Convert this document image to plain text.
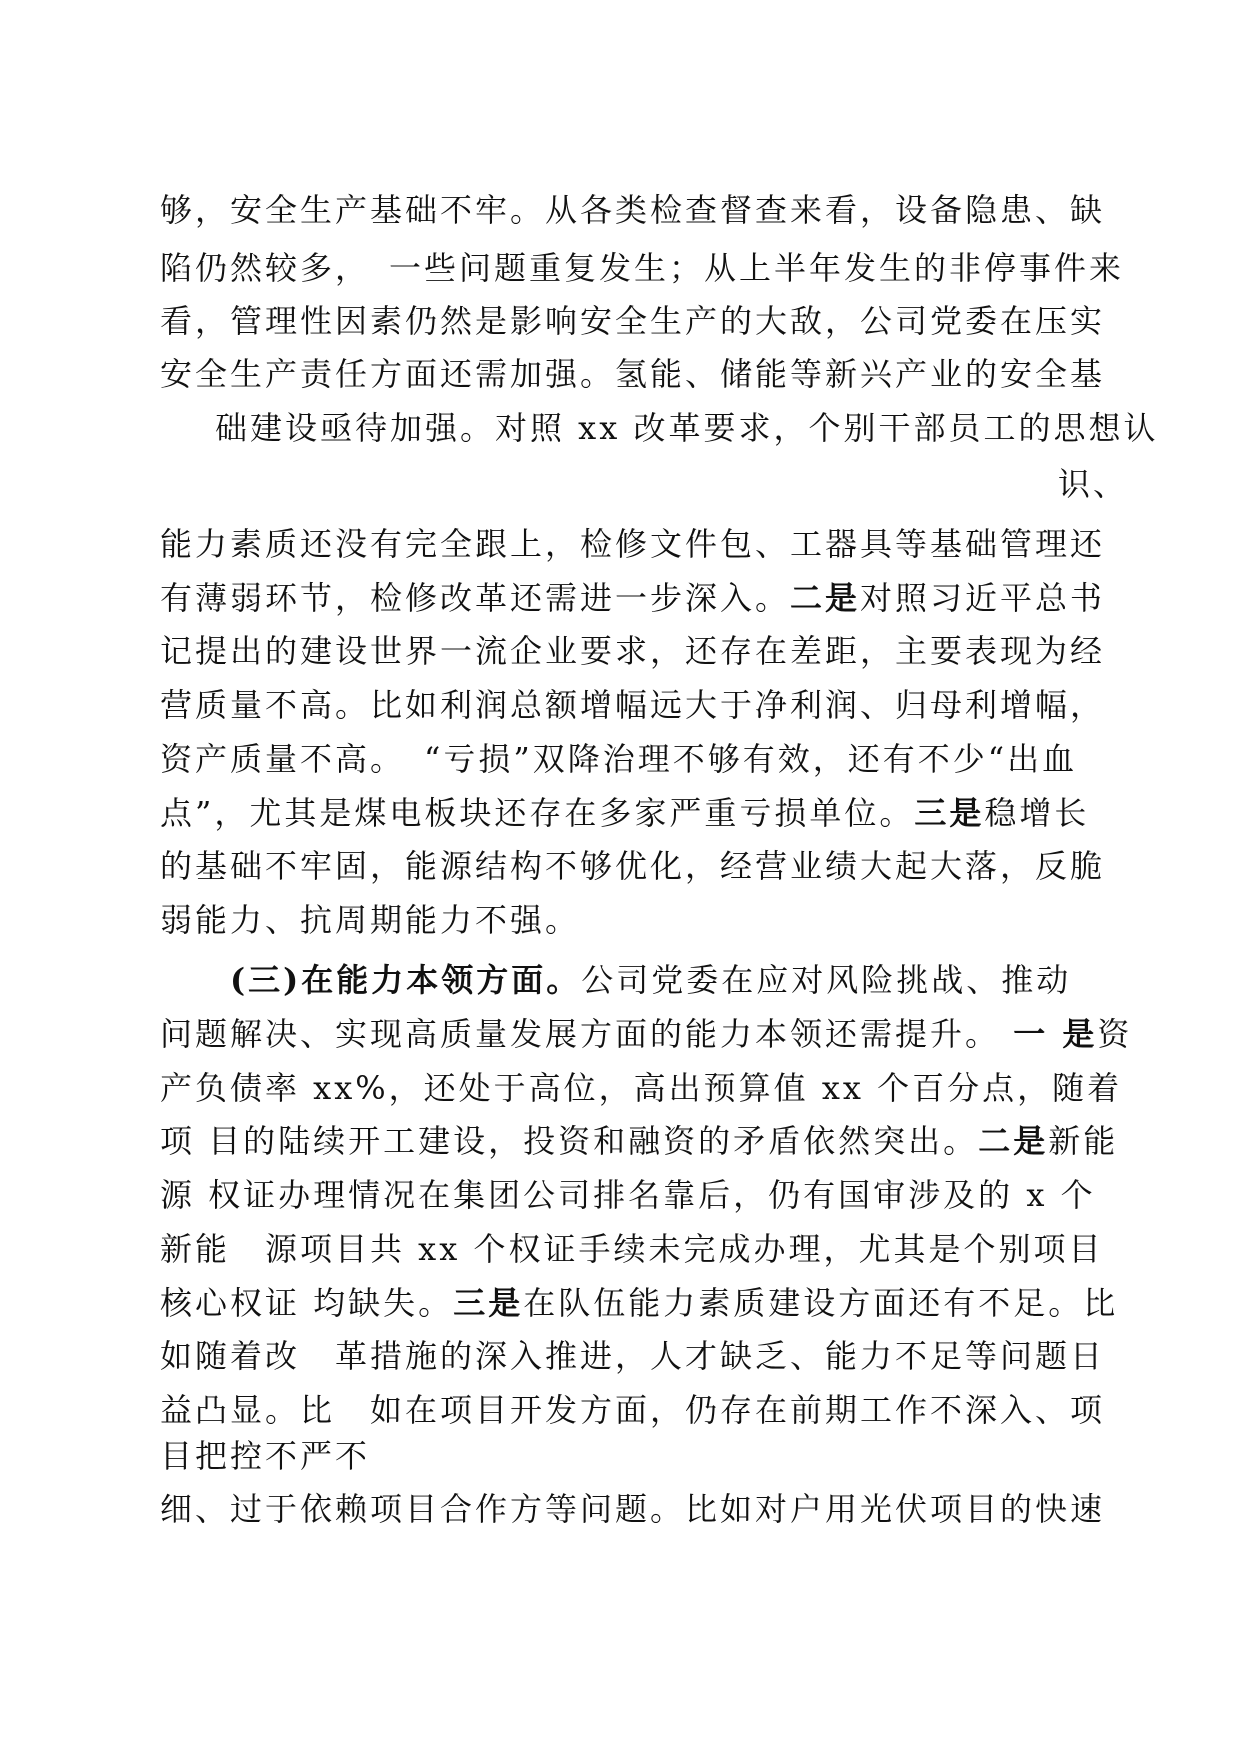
够，安全生产基础不牢。从各类检查督查来看，设备隐患、缺
陷仍然较多，　一些问题重复发生；从上半年发生的非停事件来
看，管理性因素仍然是影响安全生产的大敌，公司党委在压实
安全生产责任方面还需加强。氢能、储能等新兴产业的安全基
础建设亟待加强。对照 xx 改革要求，个别干部员工的思想认
识、
能力素质还没有完全跟上，检修文件包、工器具等基础管理还
有薄弱环节，检修改革还需进一步深入。二是对照习近平总书
记提出的建设世界一流企业要求，还存在差距，主要表现为经
营质量不高。比如利润总额增幅远大于净利润、归母利增幅，
资产质量不高。　“亏损”双降治理不够有效，还有不少“出血
点”，尤其是煤电板块还存在多家严重亏损单位。三是稳增长
的基础不牢固，能源结构不够优化，经营业绩大起大落，反脆
弱能力、抗周期能力不强。
(三)在能力本领方面。公司党委在应对风险挑战、推动
问题解决、实现高质量发展方面的能力本领还需提升。 一 是资
产负债率 xx%，还处于高位，高出预算值 xx 个百分点，随着
项 目的陆续开工建设，投资和融资的矛盾依然突出。二是新能
源 权证办理情况在集团公司排名靠后，仍有国审涉及的 x 个
新能　源项目共 xx 个权证手续未完成办理，尤其是个别项目
核心权证 均缺失。三是在队伍能力素质建设方面还有不足。比
如随着改　革措施的深入推进，人才缺乏、能力不足等问题日
益凸显。比　如在项目开发方面，仍存在前期工作不深入、项
目把控不严不
细、过于依赖项目合作方等问题。比如对户用光伏项目的快速
